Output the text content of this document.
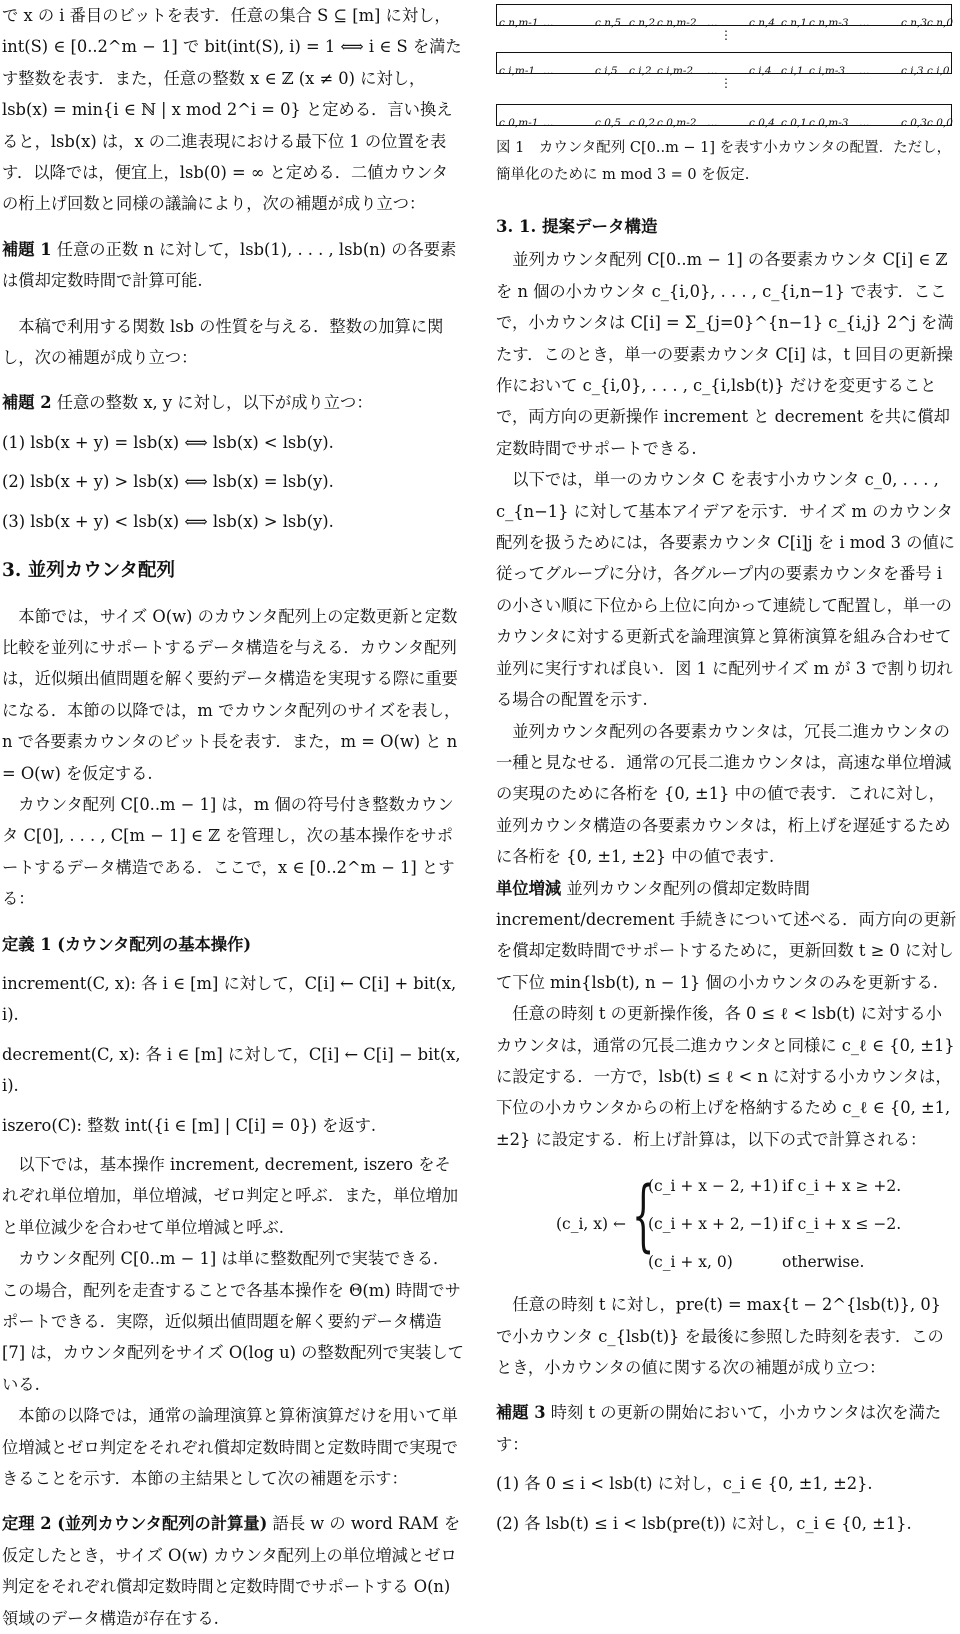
で x の i 番目のビットを表す．任意の集合 S ⊆ [m] に対し，int(S) ∈ [0..2^m − 1] で bit(int(S), i) = 1 ⟺ i ∈ S を満たす整数を表す．また，任意の整数 x ∈ ℤ (x ≠ 0) に対し，lsb(x) = min{i ∈ ℕ | x mod 2^i = 0} と定める．言い換えると，lsb(x) は，x の二進表現における最下位 1 の位置を表す．以降では，便宜上，lsb(0) = ∞ と定める．二値カウンタの桁上げ回数と同様の議論により，次の補題が成り立つ：

補題 1 任意の正数 n に対して，lsb(1), . . . , lsb(n) の各要素は償却定数時間で計算可能.

本稿で利用する関数 lsb の性質を与える．整数の加算に関し，次の補題が成り立つ：

補題 2 任意の整数 x, y に対し，以下が成り立つ：

(1) lsb(x + y) = lsb(x) ⟺ lsb(x) < lsb(y).

(2) lsb(x + y) > lsb(x) ⟺ lsb(x) = lsb(y).

(3) lsb(x + y) < lsb(x) ⟺ lsb(x) > lsb(y).

3. 並列カウンタ配列

本節では，サイズ O(w) のカウンタ配列上の定数更新と定数比較を並列にサポートするデータ構造を与える．カウンタ配列は，近似頻出値問題を解く要約データ構造を実現する際に重要になる．本節の以降では，m でカウンタ配列のサイズを表し，n で各要素カウンタのビット長を表す．また，m = O(w) と n = O(w) を仮定する.

カウンタ配列 C[0..m − 1] は，m 個の符号付き整数カウンタ C[0], . . . , C[m − 1] ∈ ℤ を管理し，次の基本操作をサポートするデータ構造である．ここで，x ∈ [0..2^m − 1] とする：

定義 1 (カウンタ配列の基本操作)

increment(C, x): 各 i ∈ [m] に対して，C[i] ← C[i] + bit(x, i).

decrement(C, x): 各 i ∈ [m] に対して，C[i] ← C[i] − bit(x, i).

iszero(C): 整数 int({i ∈ [m] | C[i] = 0}) を返す.

以下では，基本操作 increment, decrement, iszero をそれぞれ単位増加，単位増減，ゼロ判定と呼ぶ．また，単位増加と単位減少を合わせて単位増減と呼ぶ.

カウンタ配列 C[0..m − 1] は単に整数配列で実装できる．この場合，配列を走査することで各基本操作を Θ(m) 時間でサポートできる．実際，近似頻出値問題を解く要約データ構造 [7] は，カウンタ配列をサイズ O(log u) の整数配列で実装している.

本節の以降では，通常の論理演算と算術演算だけを用いて単位増減とゼロ判定をそれぞれ償却定数時間と定数時間で実現できることを示す．本節の主結果として次の補題を示す：

定理 2 (並列カウンタ配列の計算量) 語長 w の word RAM を仮定したとき，サイズ O(w) カウンタ配列上の単位増減とゼロ判定をそれぞれ償却定数時間と定数時間でサポートする O(n) 領域のデータ構造が存在する.

c n,m-1 …	c n,5 c n,2 c n,m-2 …	c n,4 c n,1 c n,m-3 …	c n,3 c n,0
⋮
c i,m-1 …	c i,5 c i,2 c i,m-2 …	c i,4 c i,1 c i,m-3 …	c i,3 c i,0
⋮
c 0,m-1 …	c 0,5 c 0,2 c 0,m-2 …	c 0,4 c 0,1 c 0,m-3 …	c 0,3 c 0,0

図 1　 カウンタ配列 C[0..m − 1] を表す小カウンタの配置．ただし，簡単化のために m mod 3 = 0 を仮定.

3. 1. 提案データ構造

並列カウンタ配列 C[0..m − 1] の各要素カウンタ C[i] ∈ ℤ を n 個の小カウンタ c_{i,0}, . . . , c_{i,n−1} で表す．ここで，小カウンタは C[i] = Σ_{j=0}^{n−1} c_{i,j} 2^j を満たす．このとき，単一の要素カウンタ C[i] は，t 回目の更新操作において c_{i,0}, . . . , c_{i,lsb(t)} だけを変更することで，両方向の更新操作 increment と decrement を共に償却定数時間でサポートできる.

以下では，単一のカウンタ C を表す小カウンタ c_0, . . . , c_{n−1} に対して基本アイデアを示す．サイズ m のカウンタ配列を扱うためには，各要素カウンタ C[i]j を i mod 3 の値に従ってグループに分け，各グループ内の要素カウンタを番号 i の小さい順に下位から上位に向かって連続して配置し，単一のカウンタに対する更新式を論理演算と算術演算を組み合わせて並列に実行すれば良い．図 1 に配列サイズ m が 3 で割り切れる場合の配置を示す.

並列カウンタ配列の各要素カウンタは，冗長二進カウンタの一種と見なせる．通常の冗長二進カウンタは，高速な単位増減の実現のために各桁を {0, ±1} 中の値で表す．これに対し，並列カウンタ構造の各要素カウンタは，桁上げを遅延するために各桁を {0, ±1, ±2} 中の値で表す.

単位増減 並列カウンタ配列の償却定数時間 increment/decrement 手続きについて述べる．両方向の更新を償却定数時間でサポートするために，更新回数 t ≥ 0 に対して下位 min{lsb(t), n − 1} 個の小カウンタのみを更新する.

任意の時刻 t の更新操作後，各 0 ≤ ℓ < lsb(t) に対する小カウンタは，通常の冗長二進カウンタと同様に c_ℓ ∈ {0, ±1} に設定する．一方で，lsb(t) ≤ ℓ < n に対する小カウンタは，下位の小カウンタからの桁上げを格納するため c_ℓ ∈ {0, ±1, ±2} に設定する．桁上げ計算は，以下の式で計算される：

(c_i, x) ← {
(c_i + x − 2, +1) if c_i + x ≥ +2.
(c_i + x + 2, −1) if c_i + x ≤ −2.
(c_i + x, 0)	otherwise.

任意の時刻 t に対し，pre(t) = max{t − 2^{lsb(t)}, 0} で小カウンタ c_{lsb(t)} を最後に参照した時刻を表す．このとき，小カウンタの値に関する次の補題が成り立つ：

補題 3 時刻 t の更新の開始において，小カウンタは次を満たす：

(1) 各 0 ≤ i < lsb(t) に対し，c_i ∈ {0, ±1, ±2}.

(2) 各 lsb(t) ≤ i < lsb(pre(t)) に対し，c_i ∈ {0, ±1}.
